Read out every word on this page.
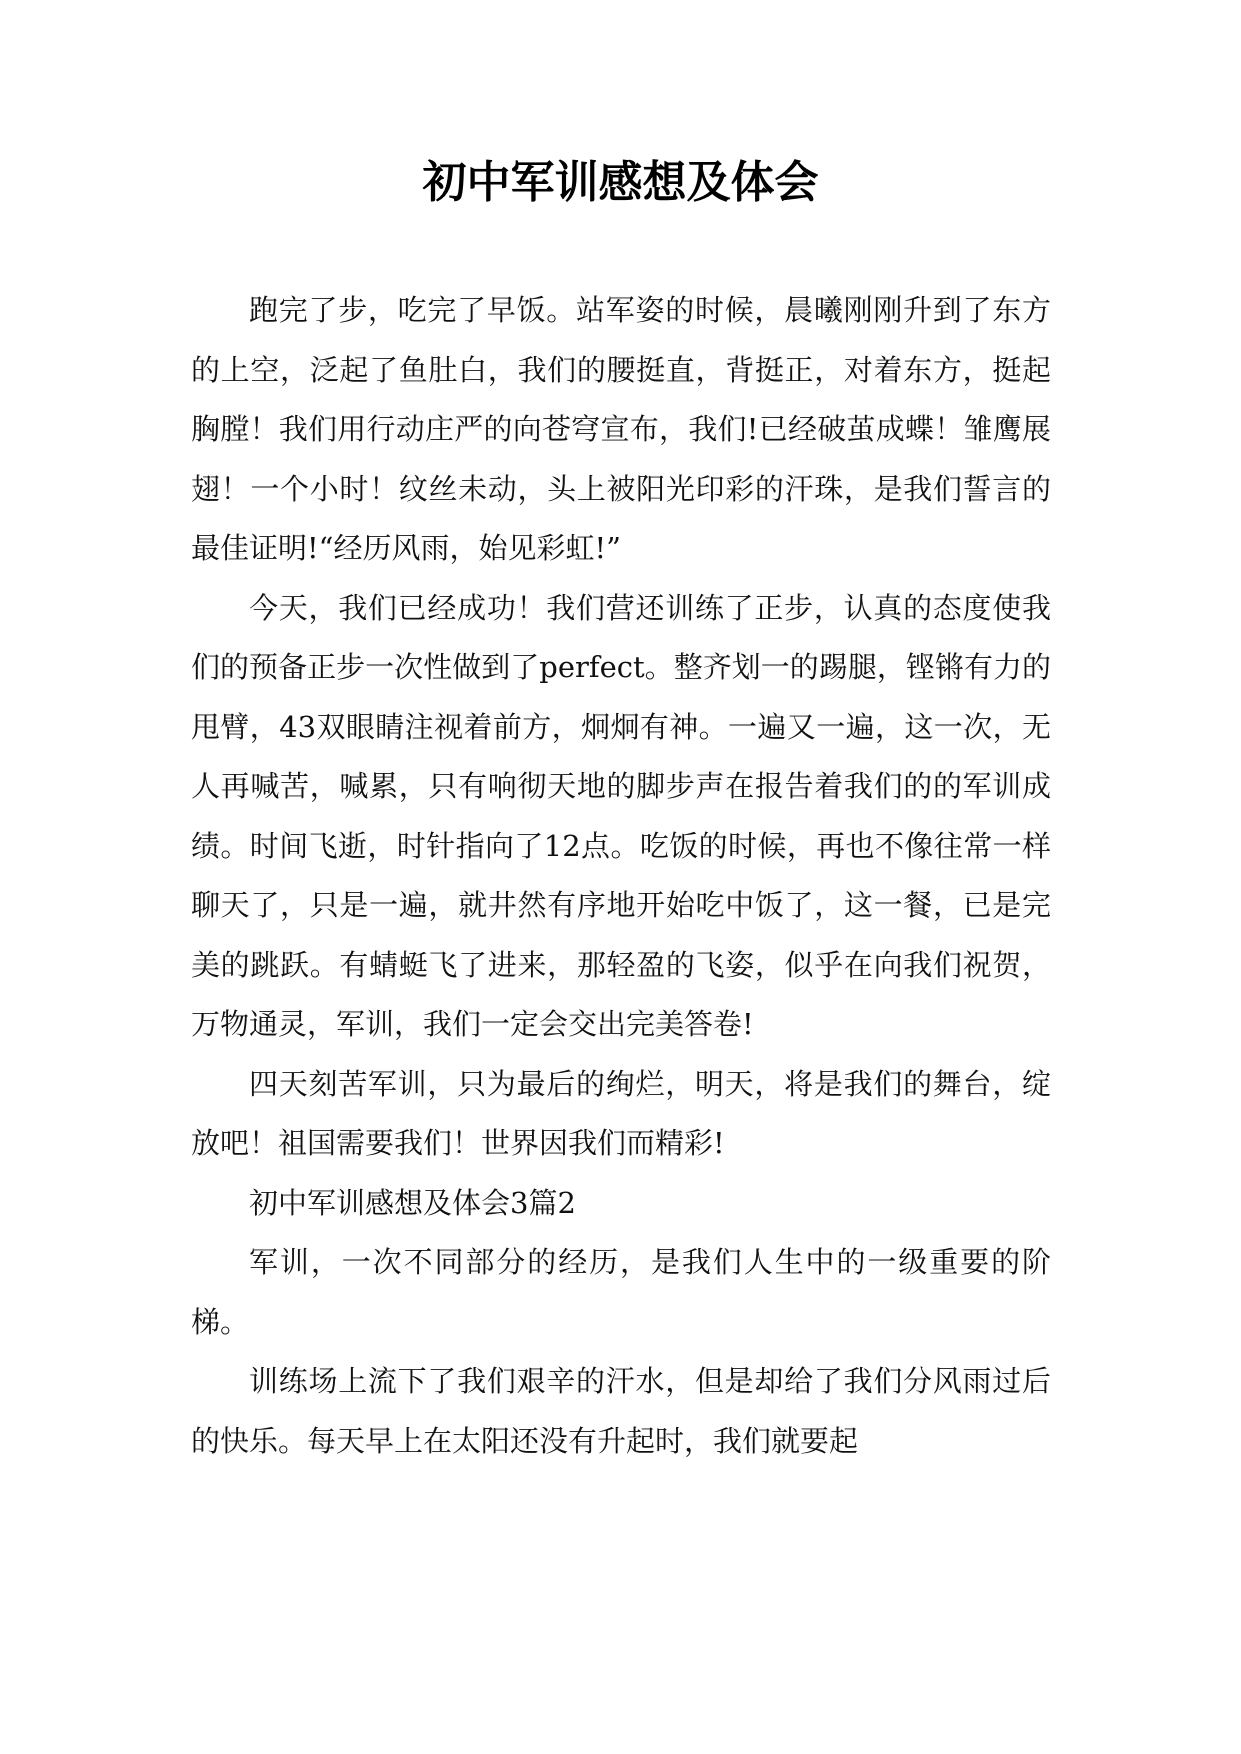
初中军训感想及体会

跑完了步，吃完了早饭。站军姿的时候，晨曦刚刚升到了东方的上空，泛起了鱼肚白，我们的腰挺直，背挺正，对着东方，挺起胸膛！我们用行动庄严的向苍穹宣布，我们!已经破茧成蝶！雏鹰展翅！一个小时！纹丝未动，头上被阳光印彩的汗珠，是我们誓言的最佳证明!“经历风雨，始见彩虹!”

今天，我们已经成功！我们营还训练了正步，认真的态度使我们的预备正步一次性做到了perfect。整齐划一的踢腿，铿锵有力的甩臂，43双眼睛注视着前方，炯炯有神。一遍又一遍，这一次，无人再喊苦，喊累，只有响彻天地的脚步声在报告着我们的的军训成绩。时间飞逝，时针指向了12点。吃饭的时候，再也不像往常一样聊天了，只是一遍，就井然有序地开始吃中饭了，这一餐，已是完美的跳跃。有蜻蜓飞了进来，那轻盈的飞姿，似乎在向我们祝贺，万物通灵，军训，我们一定会交出完美答卷!

四天刻苦军训，只为最后的绚烂，明天，将是我们的舞台，绽放吧！祖国需要我们！世界因我们而精彩!

初中军训感想及体会3篇2

军训，一次不同部分的经历，是我们人生中的一级重要的阶梯。

训练场上流下了我们艰辛的汗水，但是却给了我们分风雨过后的快乐。每天早上在太阳还没有升起时，我们就要起
